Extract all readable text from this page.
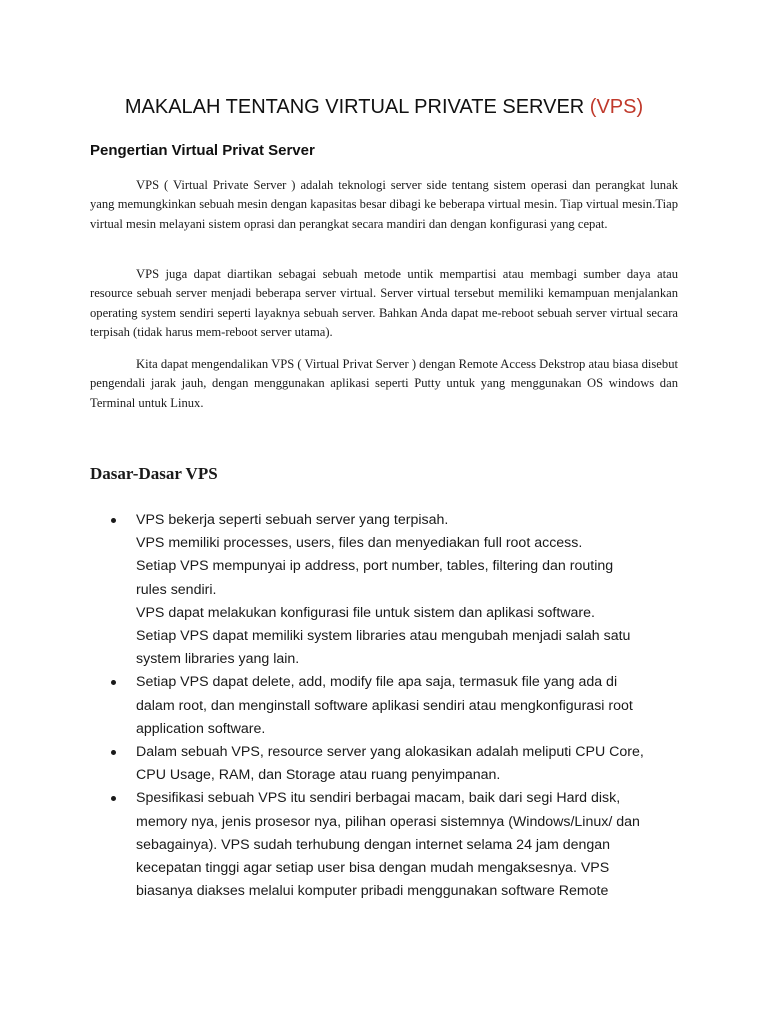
MAKALAH TENTANG VIRTUAL PRIVATE SERVER (VPS)
Pengertian Virtual Privat Server

VPS ( Virtual Private Server ) adalah teknologi server side tentang sistem operasi dan perangkat lunak yang memungkinkan sebuah mesin dengan kapasitas besar dibagi ke beberapa virtual mesin. Tiap virtual mesin.Tiap virtual mesin melayani sistem oprasi dan perangkat secara mandiri dan dengan konfigurasi yang cepat.

VPS juga dapat diartikan sebagai sebuah metode untik mempartisi atau membagi sumber daya atau resource sebuah server menjadi beberapa server virtual. Server virtual tersebut memiliki kemampuan menjalankan operating system sendiri seperti layaknya sebuah server. Bahkan Anda dapat me-reboot sebuah server virtual secara terpisah (tidak harus mem-reboot server utama).

Kita dapat mengendalikan VPS ( Virtual Privat Server ) dengan Remote Access Dekstrop atau biasa disebut pengendali jarak jauh, dengan menggunakan aplikasi seperti Putty untuk yang menggunakan OS windows dan Terminal untuk Linux.

Dasar-Dasar VPS
VPS bekerja seperti sebuah server yang terpisah.
VPS memiliki processes, users, files dan menyediakan full root access.
Setiap VPS mempunyai ip address, port number, tables, filtering dan routing
rules sendiri.
VPS dapat melakukan konfigurasi file untuk sistem dan aplikasi software.
Setiap VPS dapat memiliki system libraries atau mengubah menjadi salah satu
system libraries yang lain.
Setiap VPS dapat delete, add, modify file apa saja, termasuk file yang ada di
dalam root, dan menginstall software aplikasi sendiri atau mengkonfigurasi root
application software.
Dalam sebuah VPS, resource server yang alokasikan adalah meliputi CPU Core,
CPU Usage, RAM, dan Storage atau ruang penyimpanan.
Spesifikasi sebuah VPS itu sendiri berbagai macam, baik dari segi Hard disk,
memory nya, jenis prosesor nya, pilihan operasi sistemnya (Windows/Linux/ dan
sebagainya). VPS sudah terhubung dengan internet selama 24 jam dengan
kecepatan tinggi agar setiap user bisa dengan mudah mengaksesnya. VPS
biasanya diakses melalui komputer pribadi menggunakan software Remote
